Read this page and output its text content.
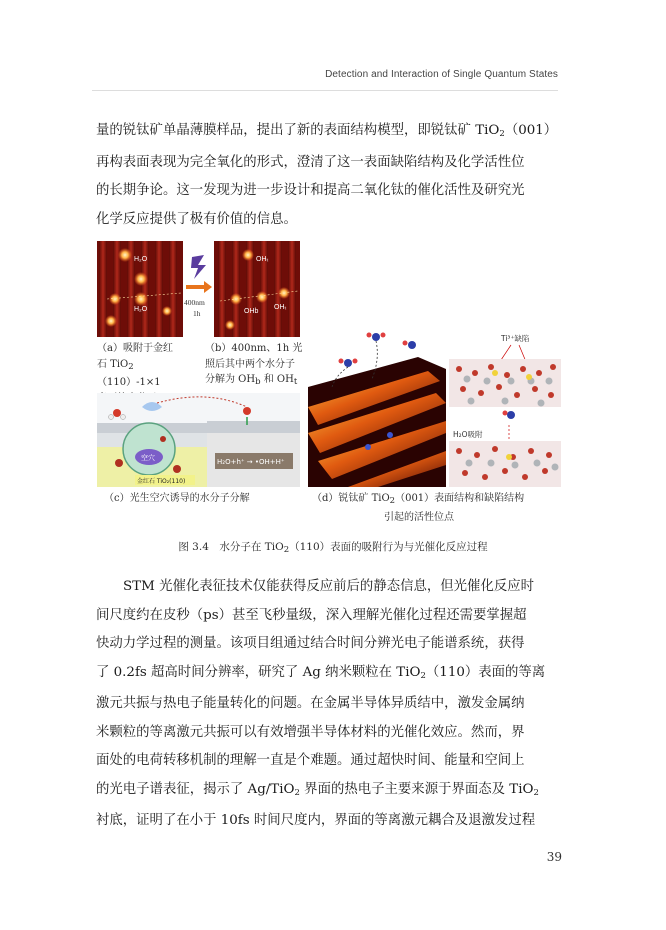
Detection and Interaction of Single Quantum States
量的锐钛矿单晶薄膜样品，提出了新的表面结构模型，即锐钛矿 TiO$_2$（001）
再构表面表现为完全氧化的形式，澄清了这一表面缺陷结构及化学活性位
的长期争论。这一发现为进一步设计和提高二氧化钛的催化活性及研究光
化学反应提供了极有价值的信息。
H₂O
H₂O
400nm
1h
OHₜ
OHb
OHₜ
（a）吸附于金红
石 TiO$_2$（110）-1×1
（b）400nm、1h 光
照后其中两个水分子
分解为 $OH_b$ 和 $OH_t$
空穴	H₂O+h⁺ → •OH+H⁺
金红石 TiO₂(110)
（c）光生空穴诱导的水分子分解
Ti³⁺缺陷
H₂O吸附
（d）锐钛矿 TiO$_2$（001）表面结构和缺陷结构
引起的活性位点
图 3.4　水分子在 TiO$_2$（110）表面的吸附行为与光催化反应过程
STM 光催化表征技术仅能获得反应前后的静态信息，但光催化反应时
间尺度约在皮秒（ps）甚至飞秒量级，深入理解光催化过程还需要掌握超
快动力学过程的测量。该项目组通过结合时间分辨光电子能谱系统，获得
了 0.2fs 超高时间分辨率，研究了 Ag 纳米颗粒在 TiO$_2$（110）表面的等离
激元共振与热电子能量转化的问题。在金属半导体异质结中，激发金属纳
米颗粒的等离激元共振可以有效增强半导体材料的光催化效应。然而，界
面处的电荷转移机制的理解一直是个难题。通过超快时间、能量和空间上
的光电子谱表征，揭示了 Ag/TiO$_2$ 界面的热电子主要来源于界面态及 TiO$_2$
衬底，证明了在小于 10fs 时间尺度内，界面的等离激元耦合及退激发过程
39
